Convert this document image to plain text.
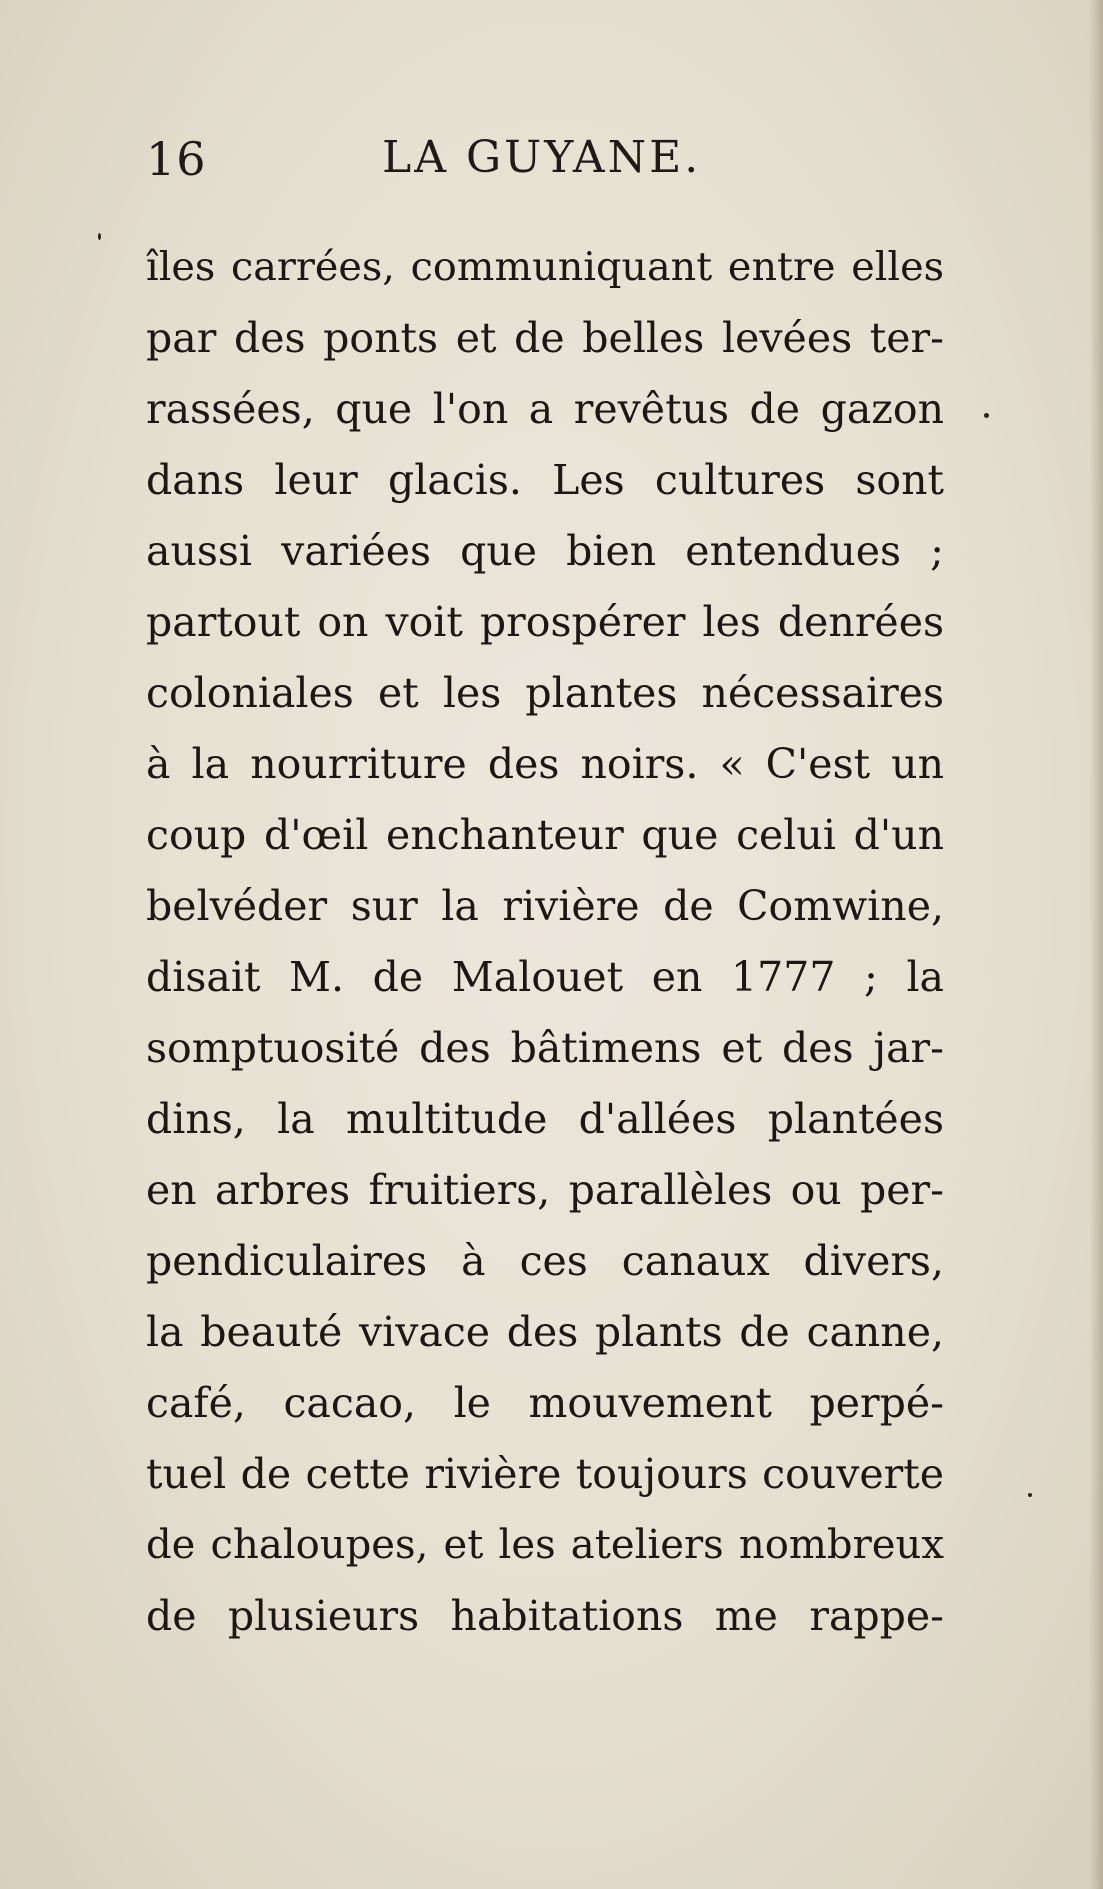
16	LA GUYANE.
îles carrées, communiquant entre elles
par des ponts et de belles levées ter-
rassées, que l'on a revêtus de gazon
dans leur glacis. Les cultures sont
aussi variées que bien entendues ;
partout on voit prospérer les denrées
coloniales et les plantes nécessaires
à la nourriture des noirs. « C'est un
coup d'œil enchanteur que celui d'un
belvéder sur la rivière de Comwine,
disait M. de Malouet en 1777 ; la
somptuosité des bâtimens et des jar-
dins, la multitude d'allées plantées
en arbres fruitiers, parallèles ou per-
pendiculaires à ces canaux divers,
la beauté vivace des plants de canne,
café, cacao, le mouvement perpé-
tuel de cette rivière toujours couverte
de chaloupes, et les ateliers nombreux
de plusieurs habitations me rappe-
